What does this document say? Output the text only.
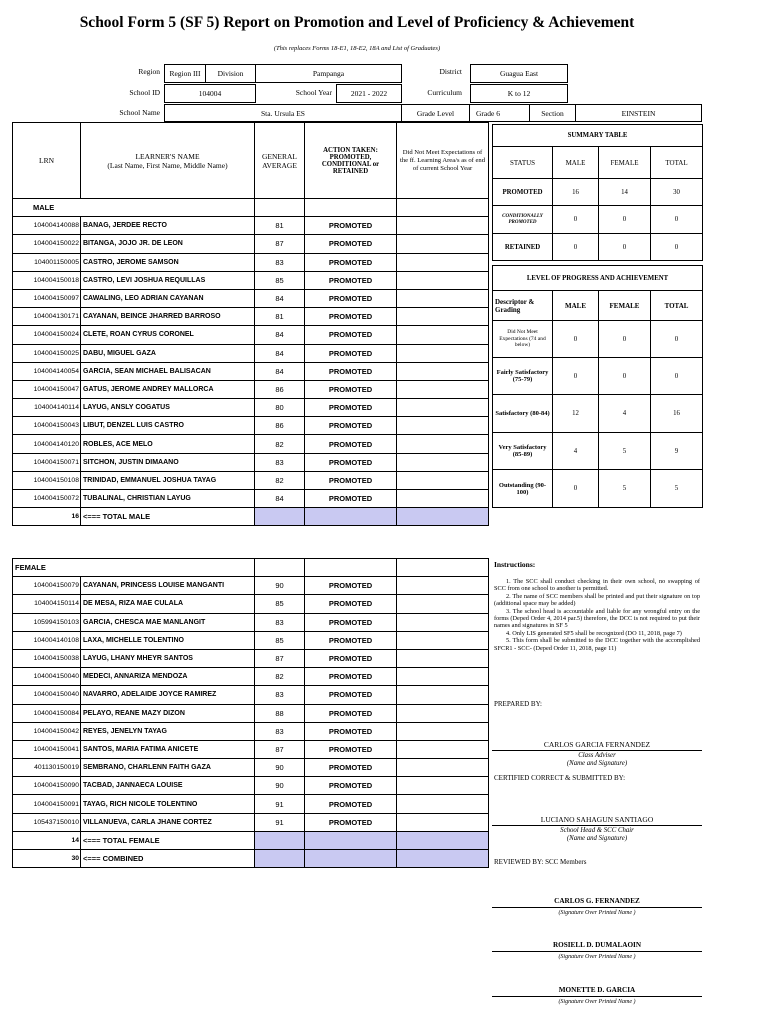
School Form 5 (SF 5) Report on Promotion and Level of Proficiency & Achievement
(This replaces Forms 18-E1, 18-E2, 18A and List of Graduates)
Region	Region III	Division	Pampanga	District	Guagua East
School ID	104004	School Year	2021 - 2022	Curriculum	K to 12
School Name	Sta. Ursula ES	Grade Level	Grade 6	Section	EINSTEIN
LRN	LEARNER'S NAME
(Last Name, First Name, Middle Name)	GENERAL AVERAGE	ACTION TAKEN: PROMOTED, CONDITIONAL or RETAINED	Did Not Meet Expectations of the ff. Learning Area/s as of end of current School Year
MALE				
104004140088	BANAG, JERDEE RECTO	81	PROMOTED	
104004150022	BITANGA, JOJO JR. DE LEON	87	PROMOTED	
104001150005	CASTRO, JEROME SAMSON	83	PROMOTED	
104004150018	CASTRO, LEVI JOSHUA REQUILLAS	85	PROMOTED	
104004150097	CAWALING, LEO ADRIAN CAYANAN	84	PROMOTED	
104004130171	CAYANAN, BEINCE JHARRED BARROSO	81	PROMOTED	
104004150024	CLETE, ROAN CYRUS CORONEL	84	PROMOTED	
104004150025	DABU, MIGUEL GAZA	84	PROMOTED	
104004140054	GARCIA, SEAN MICHAEL BALISACAN	84	PROMOTED	
104004150047	GATUS, JEROME ANDREY MALLORCA	86	PROMOTED	
104004140114	LAYUG, ANSLY COGATUS	80	PROMOTED	
104004150043	LIBUT, DENZEL LUIS CASTRO	86	PROMOTED	
104004140120	ROBLES, ACE MELO	82	PROMOTED	
104004150071	SITCHON, JUSTIN DIMAANO	83	PROMOTED	
104004150108	TRINIDAD, EMMANUEL JOSHUA TAYAG	82	PROMOTED	
104004150072	TUBALINAL, CHRISTIAN LAYUG	84	PROMOTED	
16	<=== TOTAL MALE			
FEMALE				
104004150079	CAYANAN, PRINCESS LOUISE MANGANTI	90	PROMOTED	
104004150114	DE MESA, RIZA MAE CULALA	85	PROMOTED	
105994150103	GARCIA, CHESCA MAE MANLANGIT	83	PROMOTED	
104004140108	LAXA, MICHELLE TOLENTINO	85	PROMOTED	
104004150038	LAYUG, LHANY MHEYR SANTOS	87	PROMOTED	
104004150040	MEDECI, ANNARIZA MENDOZA	82	PROMOTED	
104004150040	NAVARRO, ADELAIDE JOYCE RAMIREZ	83	PROMOTED	
104004150084	PELAYO, REANE MAZY DIZON	88	PROMOTED	
104004150042	REYES, JENELYN TAYAG	83	PROMOTED	
104004150041	SANTOS, MARIA FATIMA ANICETE	87	PROMOTED	
401130150019	SEMBRANO, CHARLENN FAITH GAZA	90	PROMOTED	
104004150090	TACBAD, JANNAECA LOUISE	90	PROMOTED	
104004150091	TAYAG, RICH NICOLE TOLENTINO	91	PROMOTED	
105437150010	VILLANUEVA, CARLA JHANE CORTEZ	91	PROMOTED	
14	<=== TOTAL FEMALE			
30	<=== COMBINED			
SUMMARY TABLE			
STATUS	MALE	FEMALE	TOTAL
PROMOTED	16	14	30
CONDITIONALLY PROMOTED	0	0	0
RETAINED	0	0	0
LEVEL OF PROGRESS AND ACHIEVEMENT			
Descriptor & Grading	MALE	FEMALE	TOTAL
Did Not Meet Expectations (74 and below)	0	0	0
Fairly Satisfactory (75-79)	0	0	0
Satisfactory (80-84)	12	4	16
Very Satisfactory (85-89)	4	5	9
Outstanding (90-100)	0	5	5
Instructions:
1. The SCC shall conduct checking in their own school, no swapping of SCC from one school to another is permitted.
2. The name of SCC members shall be printed and put their signature on top (additional space may be added)
3. The school head is accountable and liable for any wrongful entry on the forms (Deped Order 4, 2014 par.5) therefore, the DCC is not required to put their names and signatures in SF 5
4. Only LIS generated SF5 shall be recognized (DO 11, 2018, page 7)
5. This form shall be submitted to the DCC together with the accomplished SFCR1 - SCC- (Deped Order 11, 2018, page 11)
PREPARED BY:
CARLOS GARCIA FERNANDEZ
Class Adviser
(Name and Signature)
CERTIFIED CORRECT & SUBMITTED BY:
LUCIANO SAHAGUN SANTIAGO
School Head & SCC Chair
(Name and Signature)
REVIEWED BY: SCC Members
CARLOS G. FERNANDEZ
(Signature Over Printed Name )
ROSIELL D. DUMALAOIN
(Signature Over Printed Name )
MONETTE D. GARCIA
(Signature Over Printed Name )
